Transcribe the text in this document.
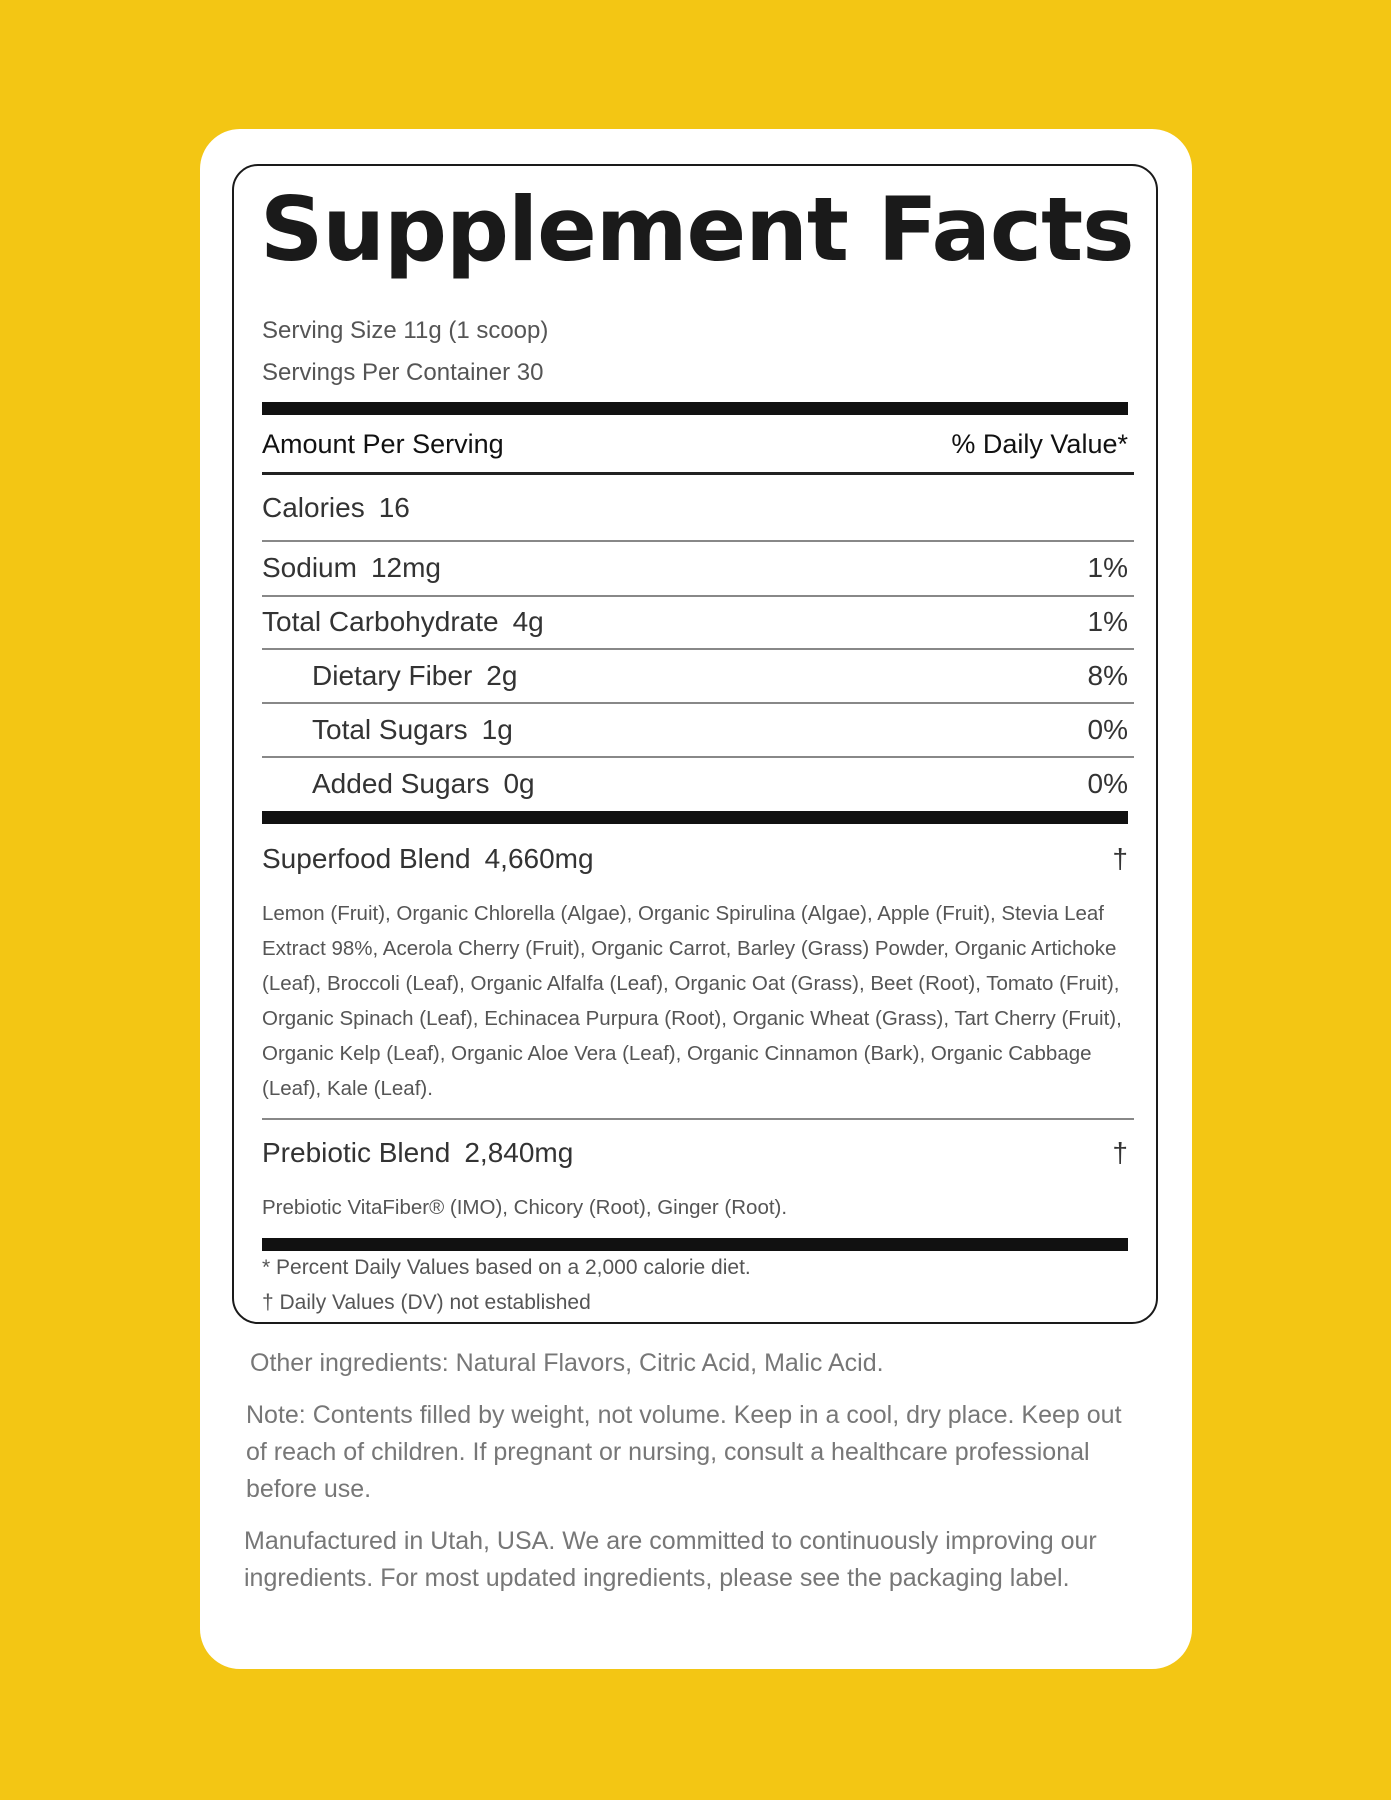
Supplement Facts
Serving Size 11g (1 scoop)
Servings Per Container 30
Amount Per Serving	% Daily Value*
Calories 16
Sodium 12mg	1%
Total Carbohydrate 4g	1%
Dietary Fiber 2g	8%
Total Sugars 1g	0%
Added Sugars 0g	0%
Superfood Blend 4,660mg	†
Lemon (Fruit), Organic Chlorella (Algae), Organic Spirulina (Algae), Apple (Fruit), Stevia Leaf Extract 98%, Acerola Cherry (Fruit), Organic Carrot, Barley (Grass) Powder, Organic Artichoke (Leaf), Broccoli (Leaf), Organic Alfalfa (Leaf), Organic Oat (Grass), Beet (Root), Tomato (Fruit), Organic Spinach (Leaf), Echinacea Purpura (Root), Organic Wheat (Grass), Tart Cherry (Fruit), Organic Kelp (Leaf), Organic Aloe Vera (Leaf), Organic Cinnamon (Bark), Organic Cabbage (Leaf), Kale (Leaf).
Prebiotic Blend 2,840mg	†
Prebiotic VitaFiber® (IMO), Chicory (Root), Ginger (Root).
* Percent Daily Values based on a 2,000 calorie diet.
† Daily Values (DV) not established
Other ingredients: Natural Flavors, Citric Acid, Malic Acid.
Note: Contents filled by weight, not volume. Keep in a cool, dry place. Keep out of reach of children. If pregnant or nursing, consult a healthcare professional before use.
Manufactured in Utah, USA. We are committed to continuously improving our ingredients. For most updated ingredients, please see the packaging label.
